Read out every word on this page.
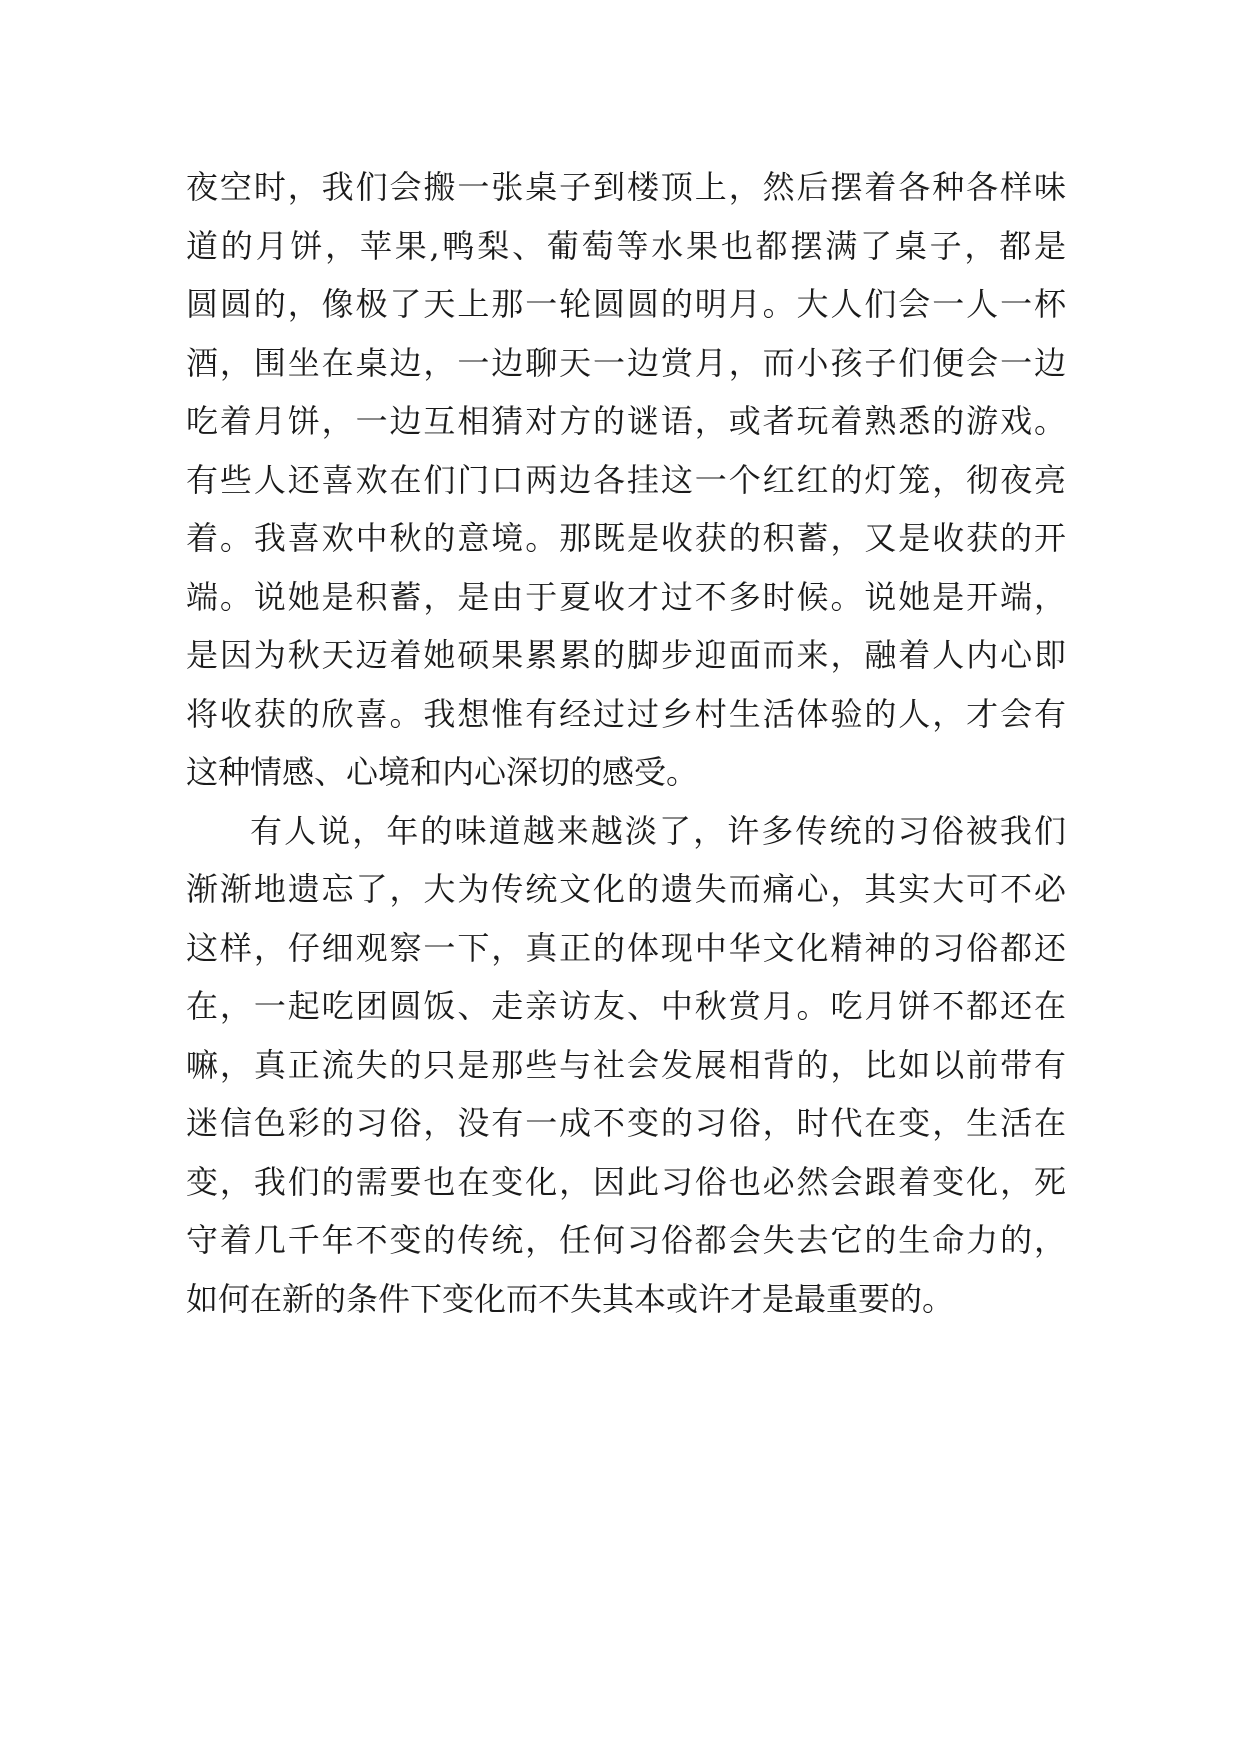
夜空时，我们会搬一张桌子到楼顶上，然后摆着各种各样味
道的月饼，苹果,鸭梨、葡萄等水果也都摆满了桌子，都是
圆圆的，像极了天上那一轮圆圆的明月。大人们会一人一杯
酒，围坐在桌边，一边聊天一边赏月，而小孩子们便会一边
吃着月饼，一边互相猜对方的谜语，或者玩着熟悉的游戏。
有些人还喜欢在们门口两边各挂这一个红红的灯笼，彻夜亮
着。我喜欢中秋的意境。那既是收获的积蓄，又是收获的开
端。说她是积蓄，是由于夏收才过不多时候。说她是开端，
是因为秋天迈着她硕果累累的脚步迎面而来，融着人内心即
将收获的欣喜。我想惟有经过过乡村生活体验的人，才会有
这种情感、心境和内心深切的感受。
有人说，年的味道越来越淡了，许多传统的习俗被我们
渐渐地遗忘了，大为传统文化的遗失而痛心，其实大可不必
这样，仔细观察一下，真正的体现中华文化精神的习俗都还
在，一起吃团圆饭、走亲访友、中秋赏月。吃月饼不都还在
嘛，真正流失的只是那些与社会发展相背的，比如以前带有
迷信色彩的习俗，没有一成不变的习俗，时代在变，生活在
变，我们的需要也在变化，因此习俗也必然会跟着变化，死
守着几千年不变的传统，任何习俗都会失去它的生命力的，
如何在新的条件下变化而不失其本或许才是最重要的。
